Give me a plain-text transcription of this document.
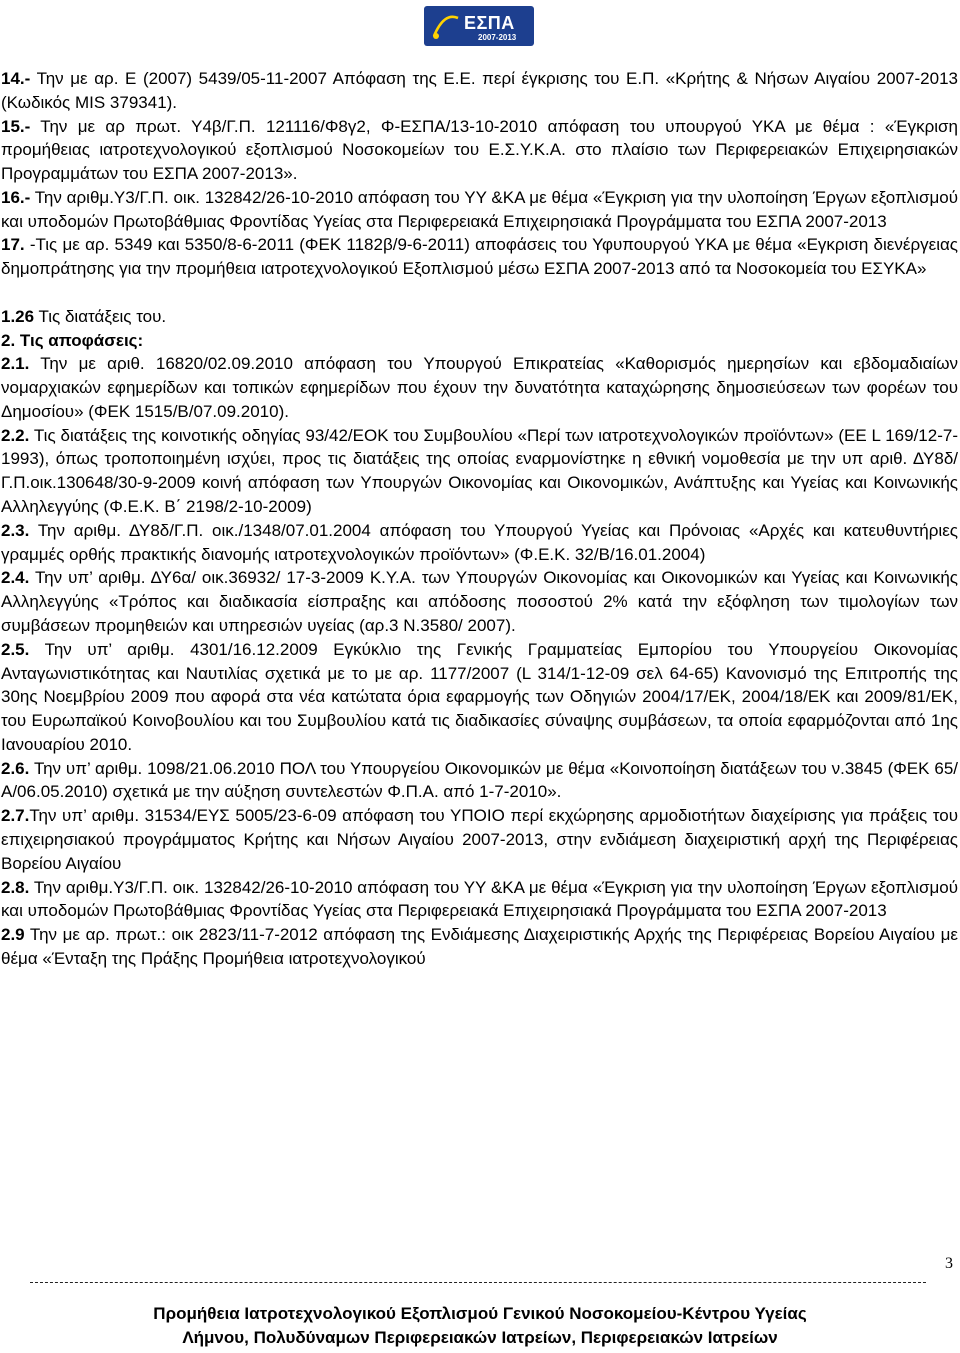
ΕΣΠΑ
2007-2013

14.- Την με αρ. Ε (2007) 5439/05-11-2007 Απόφαση της Ε.Ε. περί έγκρισης του Ε.Π. «Κρήτης & Νήσων Αιγαίου 2007-2013 (Κωδικός MIS 379341).

15.- Την με αρ πρωτ. Υ4β/Γ.Π. 121116/Φ8γ2, Φ-ΕΣΠΑ/13-10-2010 απόφαση του υπουργού ΥΚΑ με θέμα : «Έγκριση προμήθειας ιατροτεχνολογικού εξοπλισμού Νοσοκομείων του Ε.Σ.Υ.Κ.Α. στο πλαίσιο των Περιφερειακών Επιχειρησιακών Προγραμμάτων του ΕΣΠΑ 2007-2013».

16.- Την αριθμ.Υ3/Γ.Π. οικ. 132842/26-10-2010 απόφαση του ΥΥ &ΚΑ με θέμα «Έγκριση για την υλοποίηση Έργων εξοπλισμού και υποδομών Πρωτοβάθμιας Φροντίδας Υγείας στα Περιφερειακά Επιχειρησιακά Προγράμματα του ΕΣΠΑ 2007-2013

17. -Τις με αρ. 5349 και 5350/8-6-2011 (ΦΕΚ 1182β/9-6-2011) αποφάσεις του Υφυπουργού ΥΚΑ με θέμα «Εγκριση διενέργειας δημοπράτησης για την προμήθεια ιατροτεχνολογικού Εξοπλισμού μέσω ΕΣΠΑ 2007-2013 από τα Νοσοκομεία του ΕΣΥΚΑ»

1.26 Τις διατάξεις του.

2. Τις αποφάσεις:

2.1. Την με αριθ. 16820/02.09.2010 απόφαση του Υπουργού Επικρατείας «Καθορισμός ημερησίων και εβδομαδιαίων νομαρχιακών εφημερίδων και τοπικών εφημερίδων που έχουν την δυνατότητα καταχώρησης δημοσιεύσεων των φορέων του Δημοσίου» (ΦΕΚ 1515/Β/07.09.2010).

2.2. Τις διατάξεις της κοινοτικής οδηγίας 93/42/ΕΟΚ του Συμβουλίου «Περί των ιατροτεχνολογικών προϊόντων» (ΕΕ L 169/12-7-1993), όπως τροποποιημένη ισχύει, προς τις διατάξεις της οποίας εναρμονίστηκε η εθνική νομοθεσία με την υπ αριθ. ΔΥ8δ/Γ.Π.οικ.130648/30-9-2009 κοινή απόφαση των Υπουργών Οικονομίας και Οικονομικών, Ανάπτυξης και Υγείας και Κοινωνικής Αλληλεγγύης (Φ.Ε.Κ. Β΄ 2198/2-10-2009)

2.3. Την αριθμ. ΔΥ8δ/Γ.Π. οικ./1348/07.01.2004 απόφαση του Υπουργού Υγείας και Πρόνοιας «Αρχές και κατευθυντήριες γραμμές ορθής πρακτικής διανομής ιατροτεχνολογικών προϊόντων» (Φ.Ε.Κ. 32/Β/16.01.2004)

2.4. Την υπ’ αριθμ. ΔΥ6α/ οικ.36932/ 17-3-2009 Κ.Υ.Α. των Υπουργών Οικονομίας και Οικονομικών και Υγείας και Κοινωνικής Αλληλεγγύης «Τρόπος και διαδικασία είσπραξης και απόδοσης ποσοστού 2% κατά την εξόφληση των τιμολογίων των συμβάσεων προμηθειών και υπηρεσιών υγείας (αρ.3 Ν.3580/ 2007).

2.5. Την υπ’ αριθμ. 4301/16.12.2009 Εγκύκλιο της Γενικής Γραμματείας Εμπορίου του Υπουργείου Οικονομίας Ανταγωνιστικότητας και Ναυτιλίας σχετικά με το με αρ. 1177/2007 (L 314/1-12-09 σελ 64-65) Κανονισμό της Επιτροπής της 30ης Νοεμβρίου 2009 που αφορά στα νέα κατώτατα όρια εφαρμογής των Οδηγιών 2004/17/ΕΚ, 2004/18/ΕΚ και 2009/81/ΕΚ, του Ευρωπαϊκού Κοινοβουλίου και του Συμβουλίου κατά τις διαδικασίες σύναψης συμβάσεων, τα οποία εφαρμόζονται από 1ης Ιανουαρίου 2010.

2.6. Την υπ’ αριθμ. 1098/21.06.2010 ΠΟΛ του Υπουργείου Οικονομικών με θέμα «Κοινοποίηση διατάξεων του ν.3845 (ΦΕΚ 65/Α/06.05.2010) σχετικά με την αύξηση συντελεστών Φ.Π.Α. από 1-7-2010».

2.7.Την υπ’ αριθμ. 31534/ΕΥΣ 5005/23-6-09 απόφαση του ΥΠΟΙΟ περί εκχώρησης αρμοδιοτήτων διαχείρισης για πράξεις του επιχειρησιακού προγράμματος Κρήτης και Νήσων Αιγαίου 2007-2013, στην ενδιάμεση διαχειριστική αρχή της Περιφέρειας Βορείου Αιγαίου

2.8. Την αριθμ.Υ3/Γ.Π. οικ. 132842/26-10-2010 απόφαση του ΥΥ &ΚΑ με θέμα «Έγκριση για την υλοποίηση Έργων εξοπλισμού και υποδομών Πρωτοβάθμιας Φροντίδας Υγείας στα Περιφερειακά Επιχειρησιακά Προγράμματα του ΕΣΠΑ 2007-2013

2.9 Την με αρ. πρωτ.: οικ 2823/11-7-2012 απόφαση της Ενδιάμεσης Διαχειριστικής Αρχής της Περιφέρειας Βορείου Αιγαίου με θέμα «Ένταξη της Πράξης Προμήθεια ιατροτεχνολογικού

3
Προμήθεια Ιατροτεχνολογικού Εξοπλισμού Γενικού Νοσοκομείου-Κέντρου Υγείας
Λήμνου, Πολυδύναμων Περιφερειακών Ιατρείων, Περιφερειακών Ιατρείων
